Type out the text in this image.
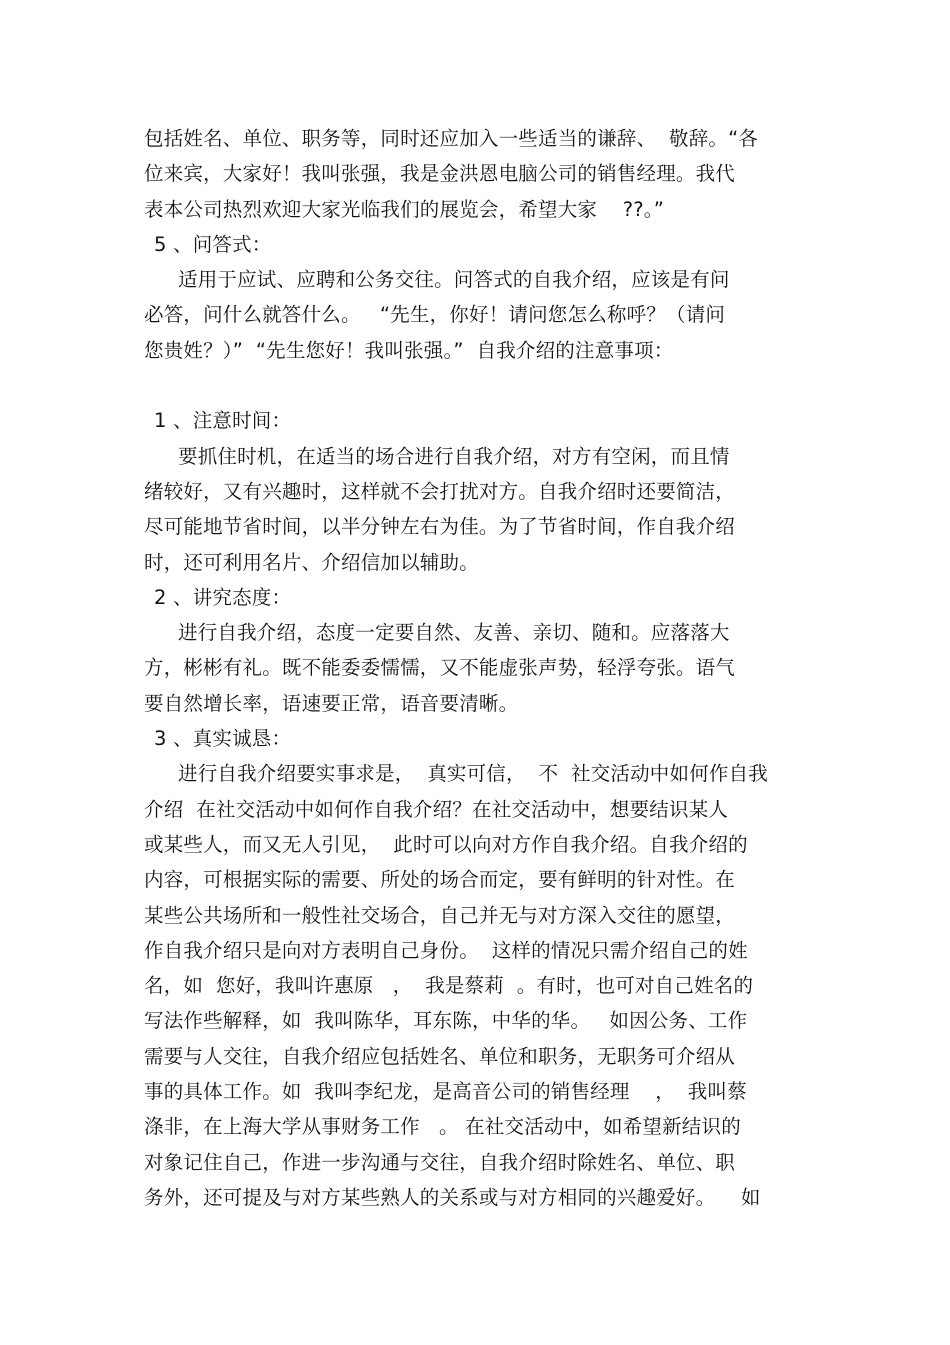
包括姓名、单位、职务等，同时还应加入一些适当的谦辞、  敬辞。“各
位来宾，大家好！我叫张强，我是金洪恩电脑公司的销售经理。我代
表本公司热烈欢迎大家光临我们的展览会，希望大家    ??。”
5 、问答式：
适用于应试、应聘和公务交往。问答式的自我介绍，应该是有问
必答，问什么就答什么。   “先生，你好！请问您怎么称呼？（请问
您贵姓？）”  “先生您好！我叫张强。”  自我介绍的注意事项：
1 、注意时间：
要抓住时机，在适当的场合进行自我介绍，对方有空闲，而且情
绪较好，又有兴趣时，这样就不会打扰对方。自我介绍时还要简洁，
尽可能地节省时间，以半分钟左右为佳。为了节省时间，作自我介绍
时，还可利用名片、介绍信加以辅助。
2 、讲究态度：
进行自我介绍，态度一定要自然、友善、亲切、随和。应落落大
方，彬彬有礼。既不能委委懦懦，又不能虚张声势，轻浮夸张。语气
要自然增长率，语速要正常，语音要清晰。
3 、真实诚恳：
进行自我介绍要实事求是，  真实可信，  不  社交活动中如何作自我
介绍  在社交活动中如何作自我介绍？在社交活动中，想要结识某人
或某些人，而又无人引见，  此时可以向对方作自我介绍。自我介绍的
内容，可根据实际的需要、所处的场合而定，要有鲜明的针对性。在
某些公共场所和一般性社交场合，自己并无与对方深入交往的愿望，
作自我介绍只是向对方表明自己身份。  这样的情况只需介绍自己的姓
名，如  您好，我叫许惠原   ，  我是蔡莉  。有时，也可对自己姓名的
写法作些解释，如  我叫陈华，耳东陈，中华的华。   如因公务、工作
需要与人交往，自我介绍应包括姓名、单位和职务，无职务可介绍从
事的具体工作。如  我叫李纪龙，是高音公司的销售经理    ，  我叫蔡
涤非，在上海大学从事财务工作   。 在社交活动中，如希望新结识的
对象记住自己，作进一步沟通与交往，自我介绍时除姓名、单位、职
务外，还可提及与对方某些熟人的关系或与对方相同的兴趣爱好。    如
